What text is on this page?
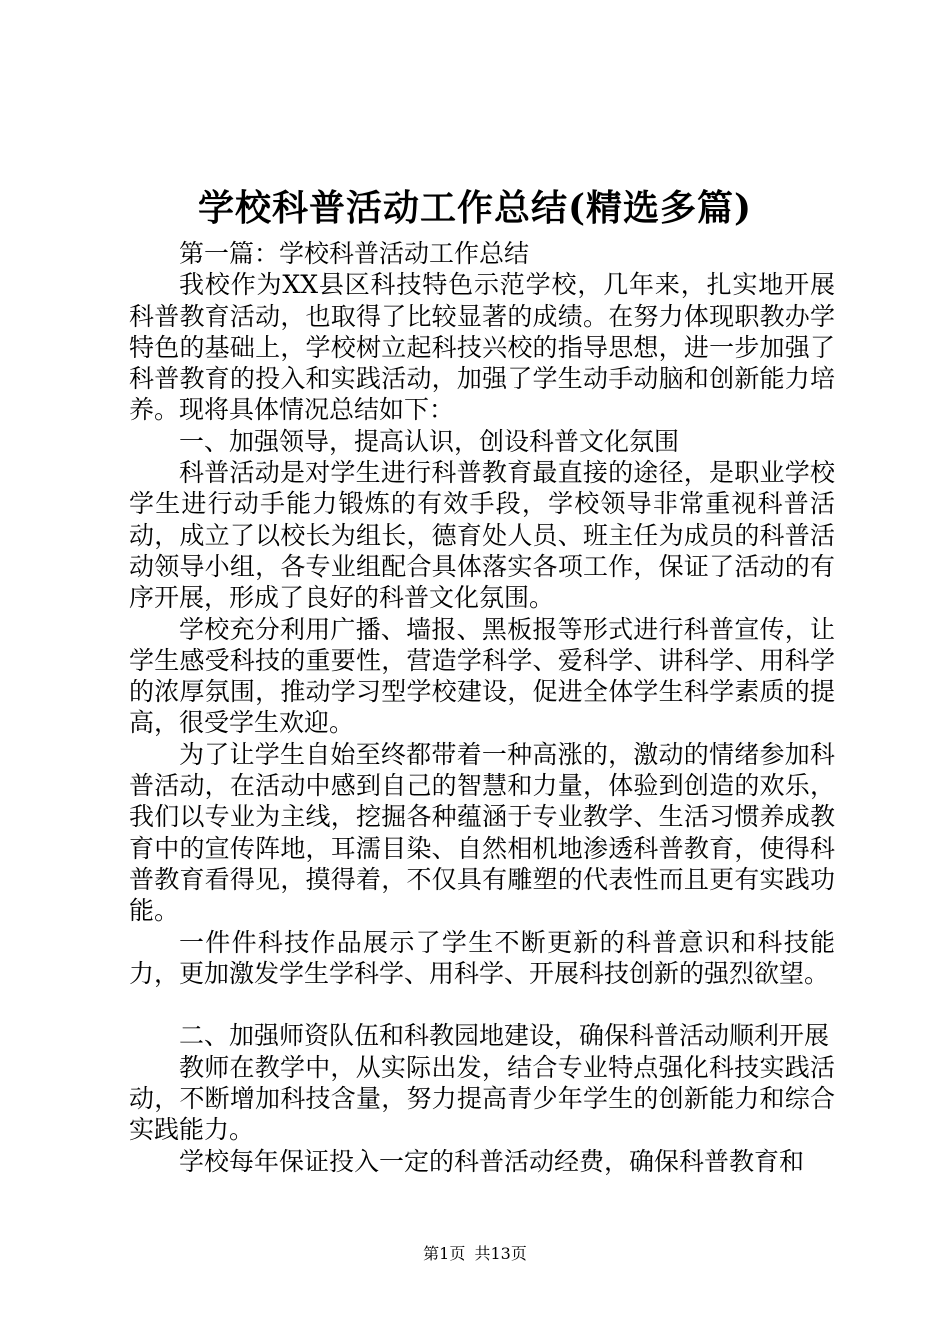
学校科普活动工作总结(精选多篇)

第一篇：学校科普活动工作总结

我校作为XX县区科技特色示范学校，几年来，扎实地开展科普教育活动，也取得了比较显著的成绩。在努力体现职教办学特色的基础上，学校树立起科技兴校的指导思想，进一步加强了科普教育的投入和实践活动，加强了学生动手动脑和创新能力培养。现将具体情况总结如下：

一、加强领导，提高认识，创设科普文化氛围

科普活动是对学生进行科普教育最直接的途径，是职业学校学生进行动手能力锻炼的有效手段，学校领导非常重视科普活动，成立了以校长为组长，德育处人员、班主任为成员的科普活动领导小组，各专业组配合具体落实各项工作，保证了活动的有序开展，形成了良好的科普文化氛围。

学校充分利用广播、墙报、黑板报等形式进行科普宣传，让学生感受科技的重要性，营造学科学、爱科学、讲科学、用科学的浓厚氛围，推动学习型学校建设，促进全体学生科学素质的提高，很受学生欢迎。

为了让学生自始至终都带着一种高涨的，激动的情绪参加科普活动，在活动中感到自己的智慧和力量，体验到创造的欢乐，我们以专业为主线，挖掘各种蕴涵于专业教学、生活习惯养成教育中的宣传阵地，耳濡目染、自然相机地渗透科普教育，使得科普教育看得见，摸得着，不仅具有雕塑的代表性而且更有实践功能。

一件件科技作品展示了学生不断更新的科普意识和科技能力，更加激发学生学科学、用科学、开展科技创新的强烈欲望。

二、加强师资队伍和科教园地建设，确保科普活动顺利开展

教师在教学中，从实际出发，结合专业特点强化科技实践活动，不断增加科技含量，努力提高青少年学生的创新能力和综合实践能力。

学校每年保证投入一定的科普活动经费，确保科普教育和

第1页 共13页
